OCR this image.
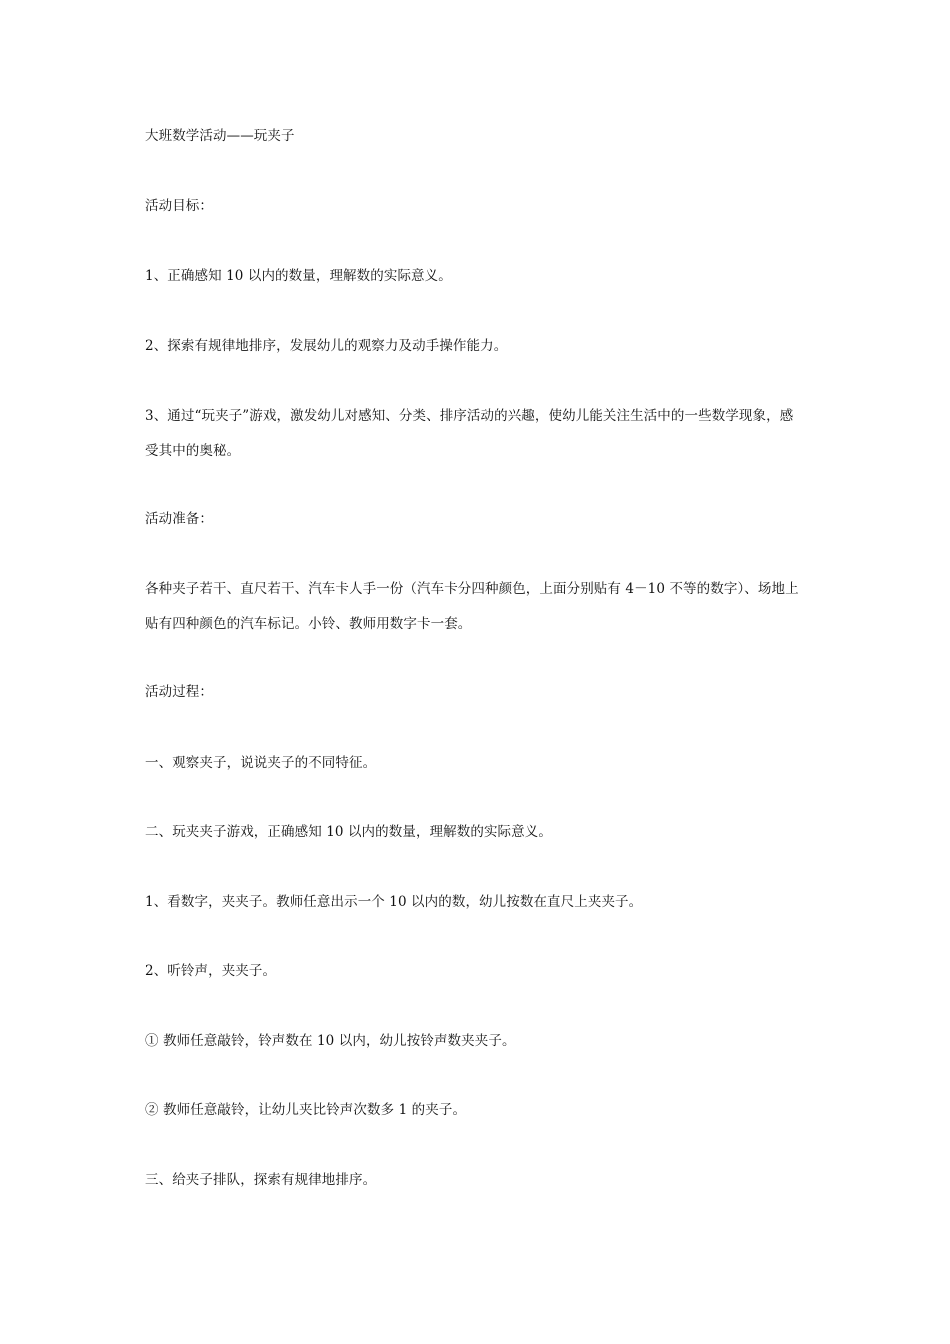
大班数学活动——玩夹子
活动目标：
1、正确感知 10 以内的数量，理解数的实际意义。
2、探索有规律地排序，发展幼儿的观察力及动手操作能力。
3、通过“玩夹子”游戏，激发幼儿对感知、分类、排序活动的兴趣，使幼儿能关注生活中的一些数学现象，感
受其中的奥秘。
活动准备：
各种夹子若干、直尺若干、汽车卡人手一份（汽车卡分四种颜色，上面分别贴有 4－10 不等的数字）、场地上
贴有四种颜色的汽车标记。小铃、教师用数字卡一套。
活动过程：
一、观察夹子，说说夹子的不同特征。
二、玩夹夹子游戏，正确感知 10 以内的数量，理解数的实际意义。
1、看数字，夹夹子。教师任意出示一个 10 以内的数，幼儿按数在直尺上夹夹子。
2、听铃声，夹夹子。
① 教师任意敲铃，铃声数在 10 以内，幼儿按铃声数夹夹子。
② 教师任意敲铃，让幼儿夹比铃声次数多 1 的夹子。
三、给夹子排队，探索有规律地排序。
